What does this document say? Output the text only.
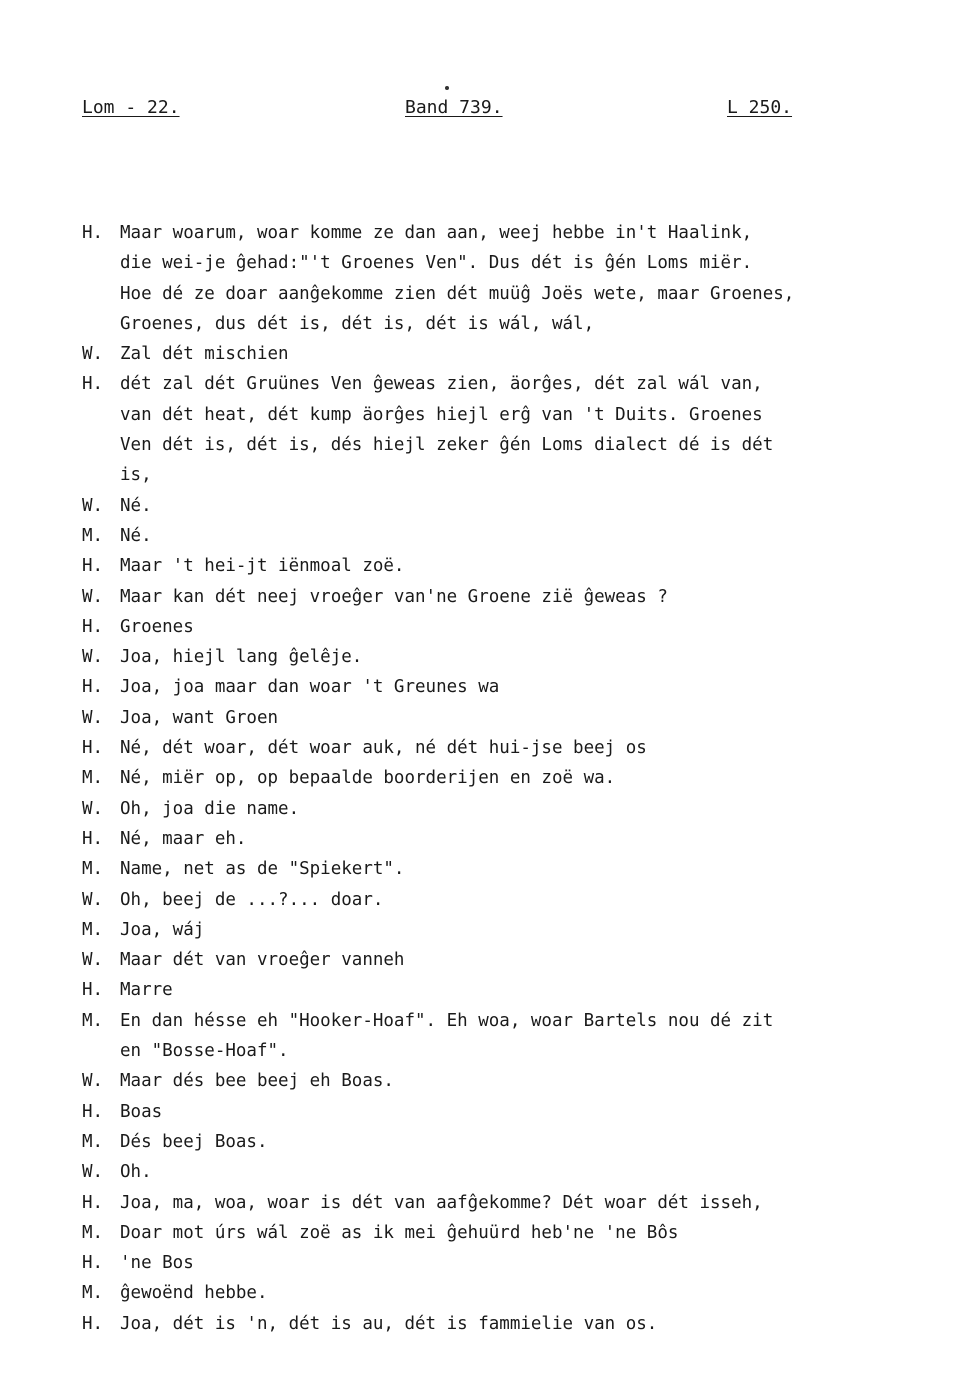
Lom - 22.	Band 739.	L 250.
H. Maar woarum, woar komme ze dan aan, weej hebbe in't Haalink,
die wei-je ĝehad:"'t Groenes Ven". Dus dét is ĝén Loms miër.
Hoe dé ze doar aanĝekomme zien dét muüĝ Joës wete, maar Groenes,
Groenes, dus dét is, dét is, dét is wál, wál,
W. Zal dét mischien
H. dét zal dét Gruünes Ven ĝeweas zien, äorĝes, dét zal wál van,
van dét heat, dét kump äorĝes hiejl erĝ van 't Duits. Groenes
Ven dét is, dét is, dés hiejl zeker ĝén Loms dialect dé is dét
is,
W. Né.
M. Né.
H. Maar 't hei-jt iënmoal zoë.
W. Maar kan dét neej vroeĝer van'ne Groene zië ĝeweas ?
H. Groenes
W. Joa, hiejl lang ĝelêje.
H. Joa, joa maar dan woar 't Greunes wa
W. Joa, want Groen
H. Né, dét woar, dét woar auk, né dét hui-jse beej os
M. Né, miër op, op bepaalde boorderijen en zoë wa.
W. Oh, joa die name.
H. Né, maar eh.
M. Name, net as de "Spiekert".
W. Oh, beej de ...?... doar.
M. Joa, wáj
W. Maar dét van vroeĝer vanneh
H. Marre
M. En dan hésse eh "Hooker-Hoaf". Eh woa, woar Bartels nou dé zit
en "Bosse-Hoaf".
W. Maar dés bee beej eh Boas.
H. Boas
M. Dés beej Boas.
W. Oh.
H. Joa, ma, woa, woar is dét van aafĝekomme? Dét woar dét isseh,
M. Doar mot úrs wál zoë as ik mei ĝehuürd heb'ne 'ne Bôs
H. 'ne Bos
M. ĝewoënd hebbe.
H. Joa, dét is 'n, dét is au, dét is fammielie van os.
